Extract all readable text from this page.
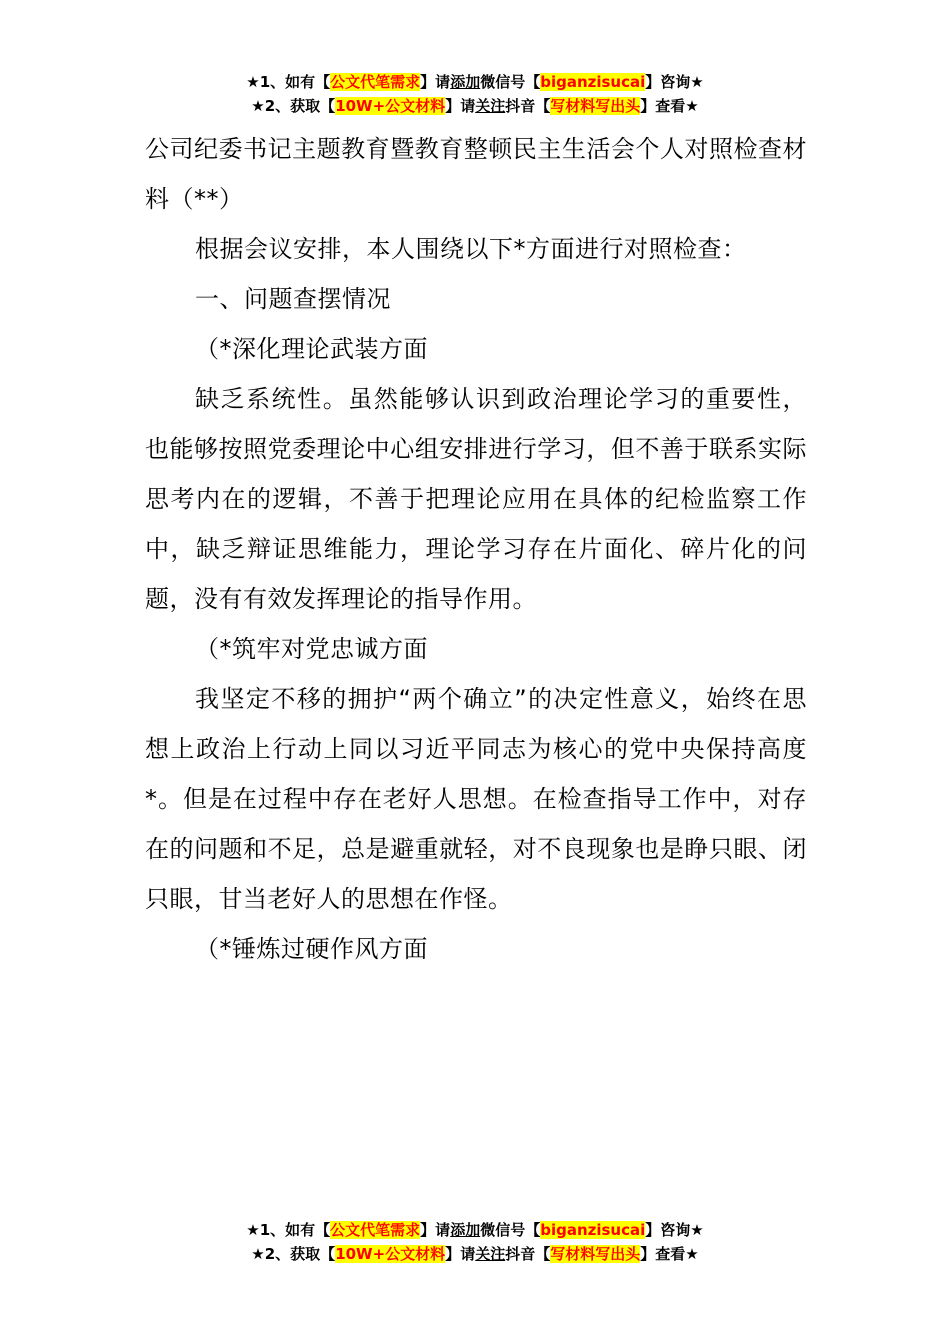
★1、如有【公文代笔需求】请添加微信号【biganzisucai】咨询★
★2、获取【10W+公文材料】请关注抖音【写材料写出头】查看★

公司纪委书记主题教育暨教育整顿民主生活会个人对照检查材料（**）

根据会议安排，本人围绕以下*方面进行对照检查：

一、问题查摆情况

（*深化理论武装方面

缺乏系统性。虽然能够认识到政治理论学习的重要性，也能够按照党委理论中心组安排进行学习，但不善于联系实际思考内在的逻辑，不善于把理论应用在具体的纪检监察工作中，缺乏辩证思维能力，理论学习存在片面化、碎片化的问题，没有有效发挥理论的指导作用。

（*筑牢对党忠诚方面

我坚定不移的拥护“两个确立”的决定性意义，始终在思想上政治上行动上同以习近平同志为核心的党中央保持高度*。但是在过程中存在老好人思想。在检查指导工作中，对存在的问题和不足，总是避重就轻，对不良现象也是睁只眼、闭只眼，甘当老好人的思想在作怪。

（*锤炼过硬作风方面

★1、如有【公文代笔需求】请添加微信号【biganzisucai】咨询★
★2、获取【10W+公文材料】请关注抖音【写材料写出头】查看★
